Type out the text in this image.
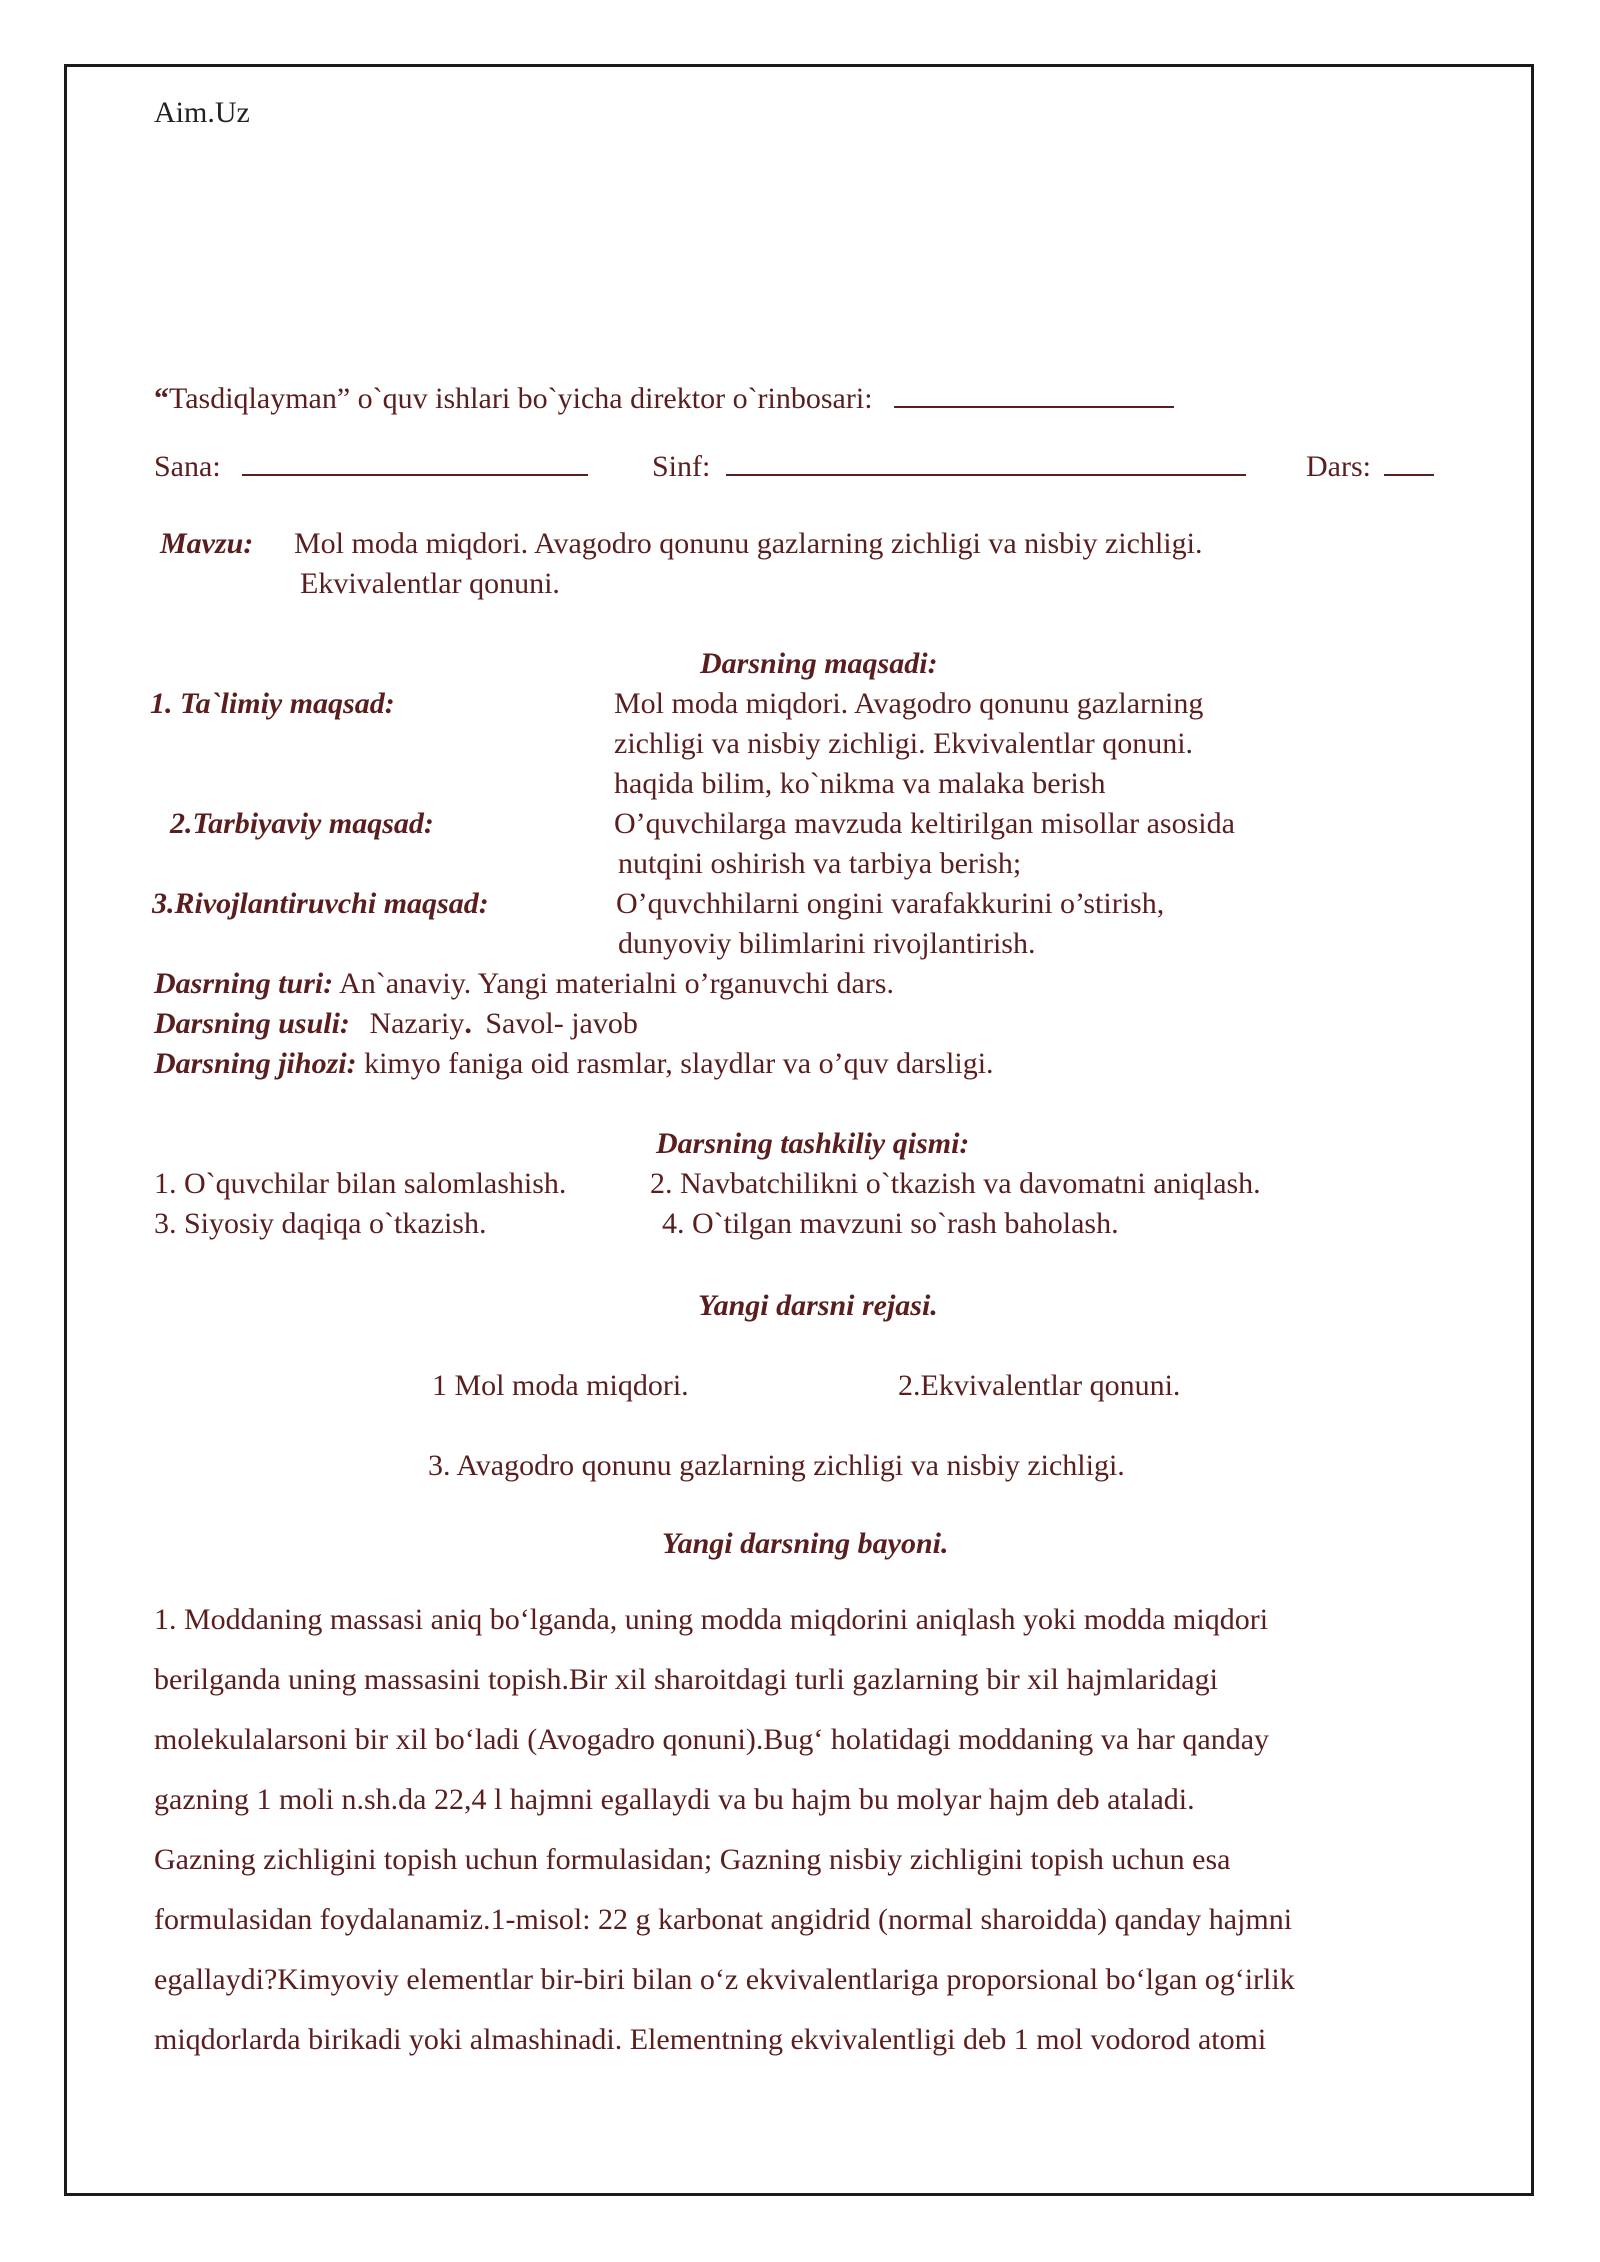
Aim.Uz
“Tasdiqlayman” o`quv ishlari bo`yicha direktor o`rinbosari:
Sana:	Sinf:	Dars:
Mavzu: Mol moda miqdori. Avagodro qonunu gazlarning zichligi va nisbiy zichligi.
Ekvivalentlar qonuni.
Darsning maqsadi:
1. Ta`limiy maqsad:	Mol moda miqdori. Avagodro qonunu gazlarning
zichligi va nisbiy zichligi. Ekvivalentlar qonuni.
haqida bilim, ko`nikma va malaka berish
2.Tarbiyaviy maqsad:	O’quvchilarga mavzuda keltirilgan misollar asosida
nutqini oshirish va tarbiya berish;
3.Rivojlantiruvchi maqsad:	O’quvchhilarni ongini varafakkurini o’stirish,
dunyoviy bilimlarini rivojlantirish.
Dasrning turi: An`anaviy. Yangi materialni o’rganuvchi dars.
Darsning usuli: Nazariy. Savol- javob
Darsning jihozi: kimyo faniga oid rasmlar, slaydlar va o’quv darsligi.
Darsning tashkiliy qismi:
1. O`quvchilar bilan salomlashish.	2. Navbatchilikni o`tkazish va davomatni aniqlash.
3. Siyosiy daqiqa o`tkazish.	4. O`tilgan mavzuni so`rash baholash.
Yangi darsni rejasi.
1 Mol moda miqdori.	2.Ekvivalentlar qonuni.
3. Avagodro qonunu gazlarning zichligi va nisbiy zichligi.
Yangi darsning bayoni.
1. Moddaning massasi aniq bo‘lganda, uning modda miqdorini aniqlash yoki modda miqdori
berilganda uning massasini topish.Bir xil sharoitdagi turli gazlarning bir xil hajmlaridagi
molekulalarsoni bir xil bo‘ladi (Avogadro qonuni).Bug‘ holatidagi moddaning va har qanday
gazning 1 moli n.sh.da 22,4 l hajmni egallaydi va bu hajm bu molyar hajm deb ataladi.
Gazning zichligini topish uchun formulasidan; Gazning nisbiy zichligini topish uchun esa
formulasidan foydalanamiz.1-misol: 22 g karbonat angidrid (normal sharoidda) qanday hajmni
egallaydi?Kimyoviy elementlar bir-biri bilan o‘z ekvivalentlariga proporsional bo‘lgan og‘irlik
miqdorlarda birikadi yoki almashinadi. Elementning ekvivalentligi deb 1 mol vodorod atomi
